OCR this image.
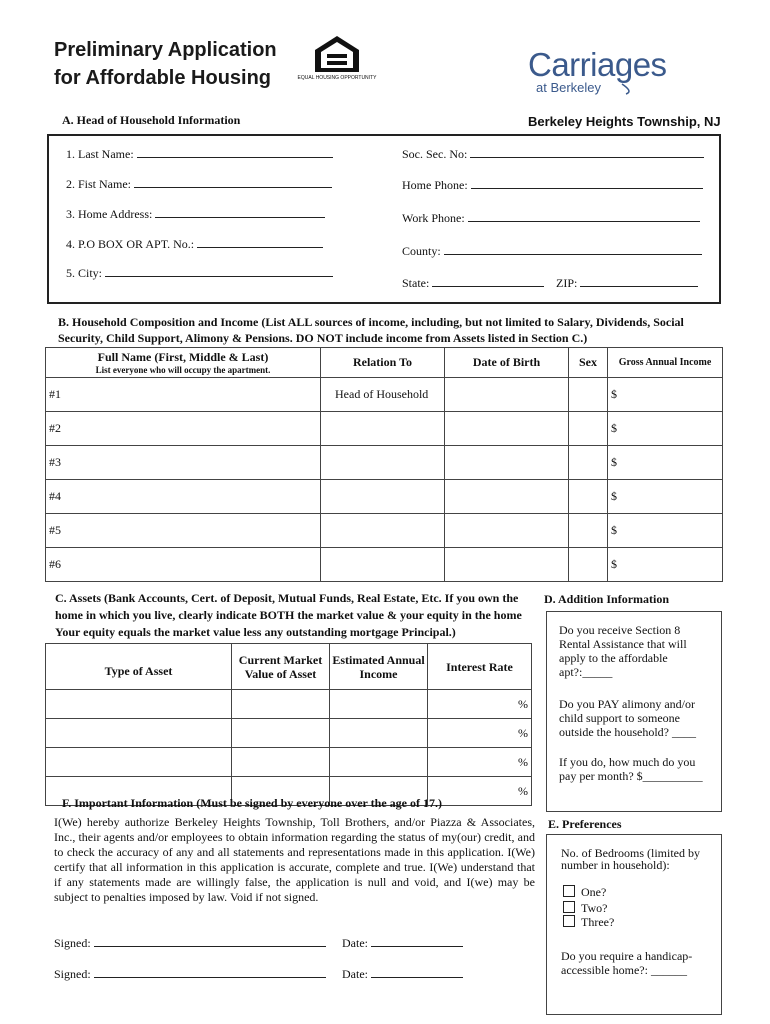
Preliminary Application
for Affordable Housing	EQUAL HOUSING OPPORTUNITY	Carriages
at Berkeley
A. Head of Household Information	Berkeley Heights Township, NJ
1. Last Name:
2. Fist Name:
3. Home Address:
4. P.O BOX OR APT. No.:
5. City:
Soc. Sec. No:
Home Phone:
Work Phone:
County:
State:	ZIP:
B. Household Composition and Income (List ALL sources of income, including, but not limited to Salary, Dividends, Social Security, Child Support, Alimony & Pensions. DO NOT include income from Assets listed in Section C.)
Full Name (First, Middle & Last)
List everyone who will occupy the apartment.	Relation To	Date of Birth	Sex	Gross Annual Income
#1	Head of Household			$
#2				$
#3				$
#4				$
#5				$
#6				$
C. Assets (Bank Accounts, Cert. of Deposit, Mutual Funds, Real Estate, Etc. If you own the home in which you live, clearly indicate BOTH the market value & your equity in the home Your equity equals the market value less any outstanding mortgage Principal.)
Type of Asset	Current Market Value of Asset	Estimated Annual Income	Interest Rate
			%
			%
			%
			%
D. Addition Information
Do you receive Section 8 Rental Assistance that will apply to the affordable apt?:_____
Do you PAY alimony and/or child support to someone outside the household? ____
If you do, how much do you pay per month? $__________
F. Important Information (Must be signed by everyone over the age of 17.)
I(We) hereby authorize Berkeley Heights Township, Toll Brothers, and/or Piazza & Associates, Inc., their agents and/or employees to obtain information regarding the status of my(our) credit, and to check the accuracy of any and all statements and representations made in this application. I(We) certify that all information in this application is accurate, complete and true. I(We) understand that if any statements made are willingly false, the application is null and void, and I(we) may be subject to penalties imposed by law. Void if not signed.
Signed:	Date:
Signed:	Date:
E. Preferences
No. of Bedrooms (limited by number in household):
One?
Two?
Three?
Do you require a handicap-accessible home?: ______
